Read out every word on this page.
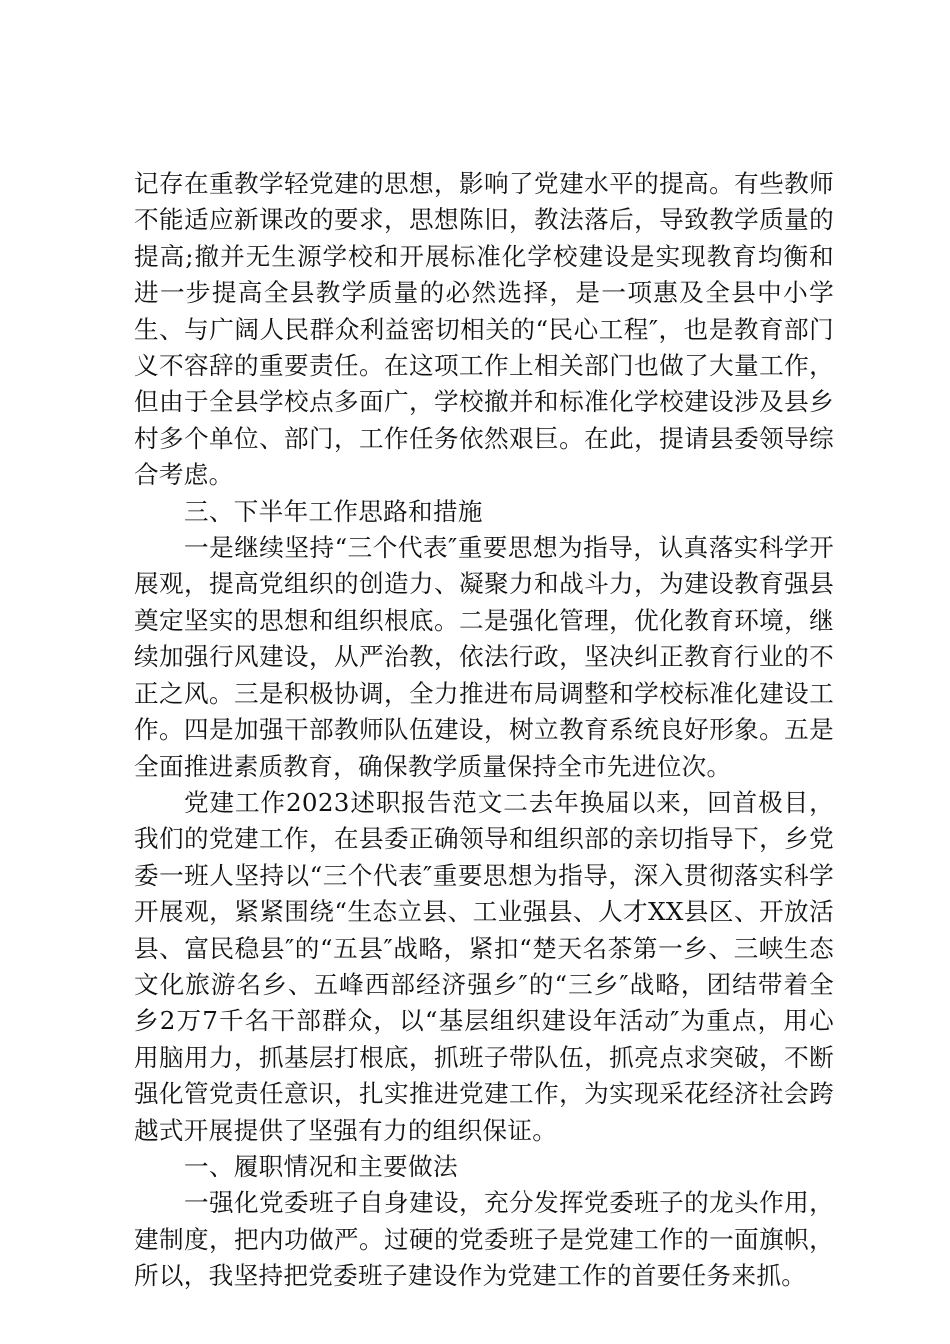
记存在重教学轻党建的思想，影响了党建水平的提高。有些教师不能适应新课改的要求，思想陈旧，教法落后，导致教学质量的提高;撤并无生源学校和开展标准化学校建设是实现教育均衡和进一步提高全县教学质量的必然选择，是一项惠及全县中小学生、与广阔人民群众利益密切相关的“民心工程″，也是教育部门义不容辞的重要责任。在这项工作上相关部门也做了大量工作，但由于全县学校点多面广，学校撤并和标准化学校建设涉及县乡村多个单位、部门，工作任务依然艰巨。在此，提请县委领导综合考虑。

三、下半年工作思路和措施

一是继续坚持“三个代表″重要思想为指导，认真落实科学开展观，提高党组织的创造力、凝聚力和战斗力，为建设教育强县奠定坚实的思想和组织根底。二是强化管理，优化教育环境，继续加强行风建设，从严治教，依法行政，坚决纠正教育行业的不正之风。三是积极协调，全力推进布局调整和学校标准化建设工作。四是加强干部教师队伍建设，树立教育系统良好形象。五是全面推进素质教育，确保教学质量保持全市先进位次。

党建工作2023述职报告范文二去年换届以来，回首极目，我们的党建工作，在县委正确领导和组织部的亲切指导下，乡党委一班人坚持以“三个代表″重要思想为指导，深入贯彻落实科学开展观，紧紧围绕“生态立县、工业强县、人才XX县区、开放活县、富民稳县″的“五县″战略，紧扣“楚天名茶第一乡、三峡生态文化旅游名乡、五峰西部经济强乡″的“三乡″战略，团结带着全乡2万7千名干部群众，以“基层组织建设年活动″为重点，用心用脑用力，抓基层打根底，抓班子带队伍，抓亮点求突破，不断强化管党责任意识，扎实推进党建工作，为实现采花经济社会跨越式开展提供了坚强有力的组织保证。

一、履职情况和主要做法

一强化党委班子自身建设，充分发挥党委班子的龙头作用，建制度，把内功做严。过硬的党委班子是党建工作的一面旗帜，所以，我坚持把党委班子建设作为党建工作的首要任务来抓。
